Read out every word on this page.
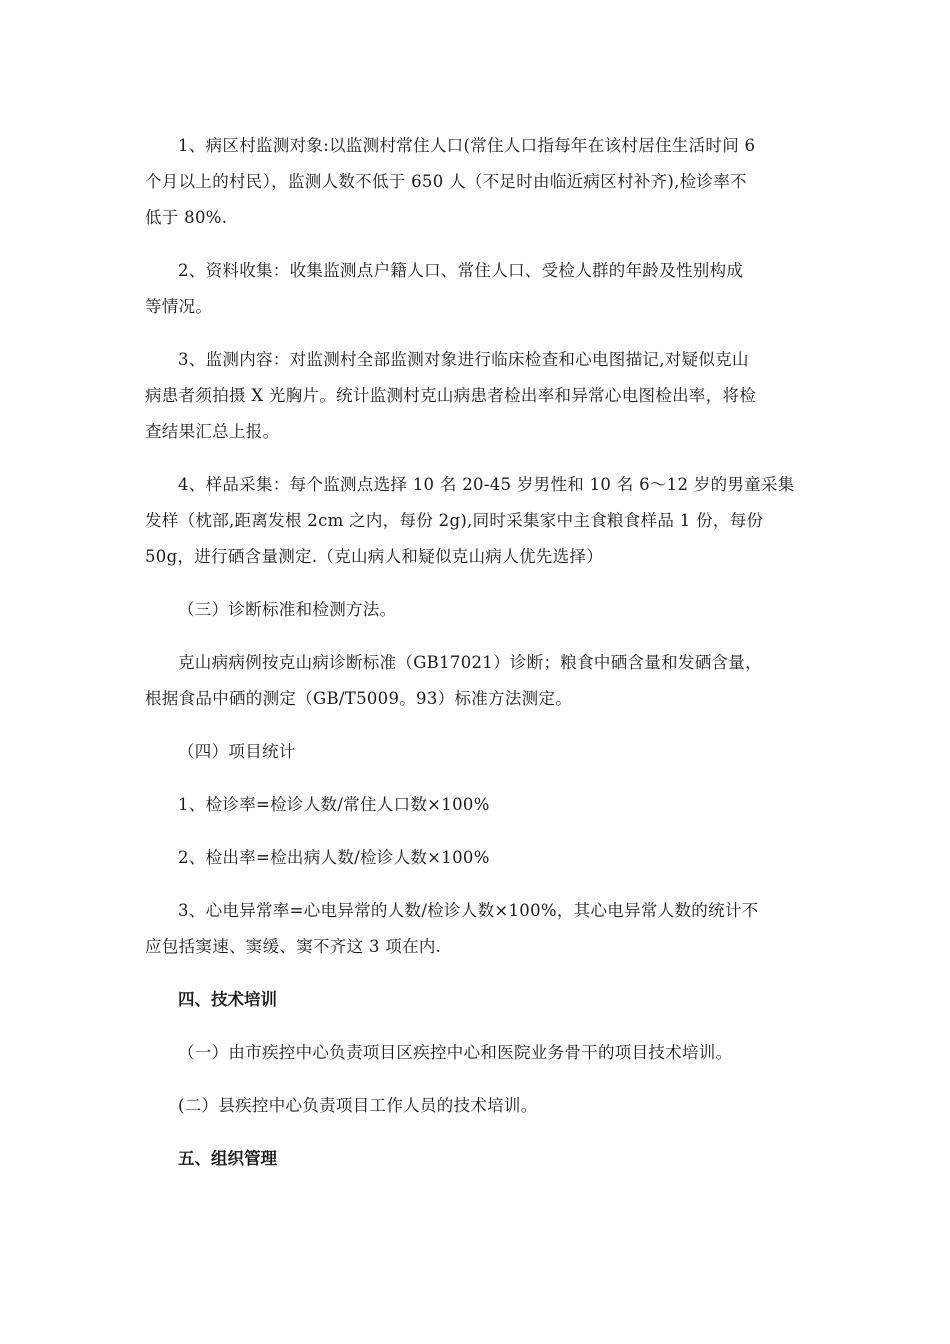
1、病区村监测对象:以监测村常住人口(常住人口指每年在该村居住生活时间 6
个月以上的村民），监测人数不低于 650 人（不足时由临近病区村补齐),检诊率不
低于 80%.
2、资料收集：收集监测点户籍人口、常住人口、受检人群的年龄及性别构成
等情况。
3、监测内容：对监测村全部监测对象进行临床检查和心电图描记,对疑似克山
病患者须拍摄 X 光胸片。统计监测村克山病患者检出率和异常心电图检出率，将检
查结果汇总上报。
4、样品采集：每个监测点选择 10 名 20-45 岁男性和 10 名 6～12 岁的男童采集
发样（枕部,距离发根 2cm 之内，每份 2g),同时采集家中主食粮食样品 1 份，每份
50g，进行硒含量测定.（克山病人和疑似克山病人优先选择）
（三）诊断标准和检测方法。
克山病病例按克山病诊断标准（GB17021）诊断；粮食中硒含量和发硒含量，
根据食品中硒的测定（GB/T5009。93）标准方法测定。
（四）项目统计
1、检诊率=检诊人数/常住人口数×100%
2、检出率=检出病人数/检诊人数×100%
3、心电异常率=心电异常的人数/检诊人数×100%，其心电异常人数的统计不
应包括窦速、窦缓、窦不齐这 3 项在内.
四、技术培训
（一）由市疾控中心负责项目区疾控中心和医院业务骨干的项目技术培训。
(二）县疾控中心负责项目工作人员的技术培训。
五、组织管理
